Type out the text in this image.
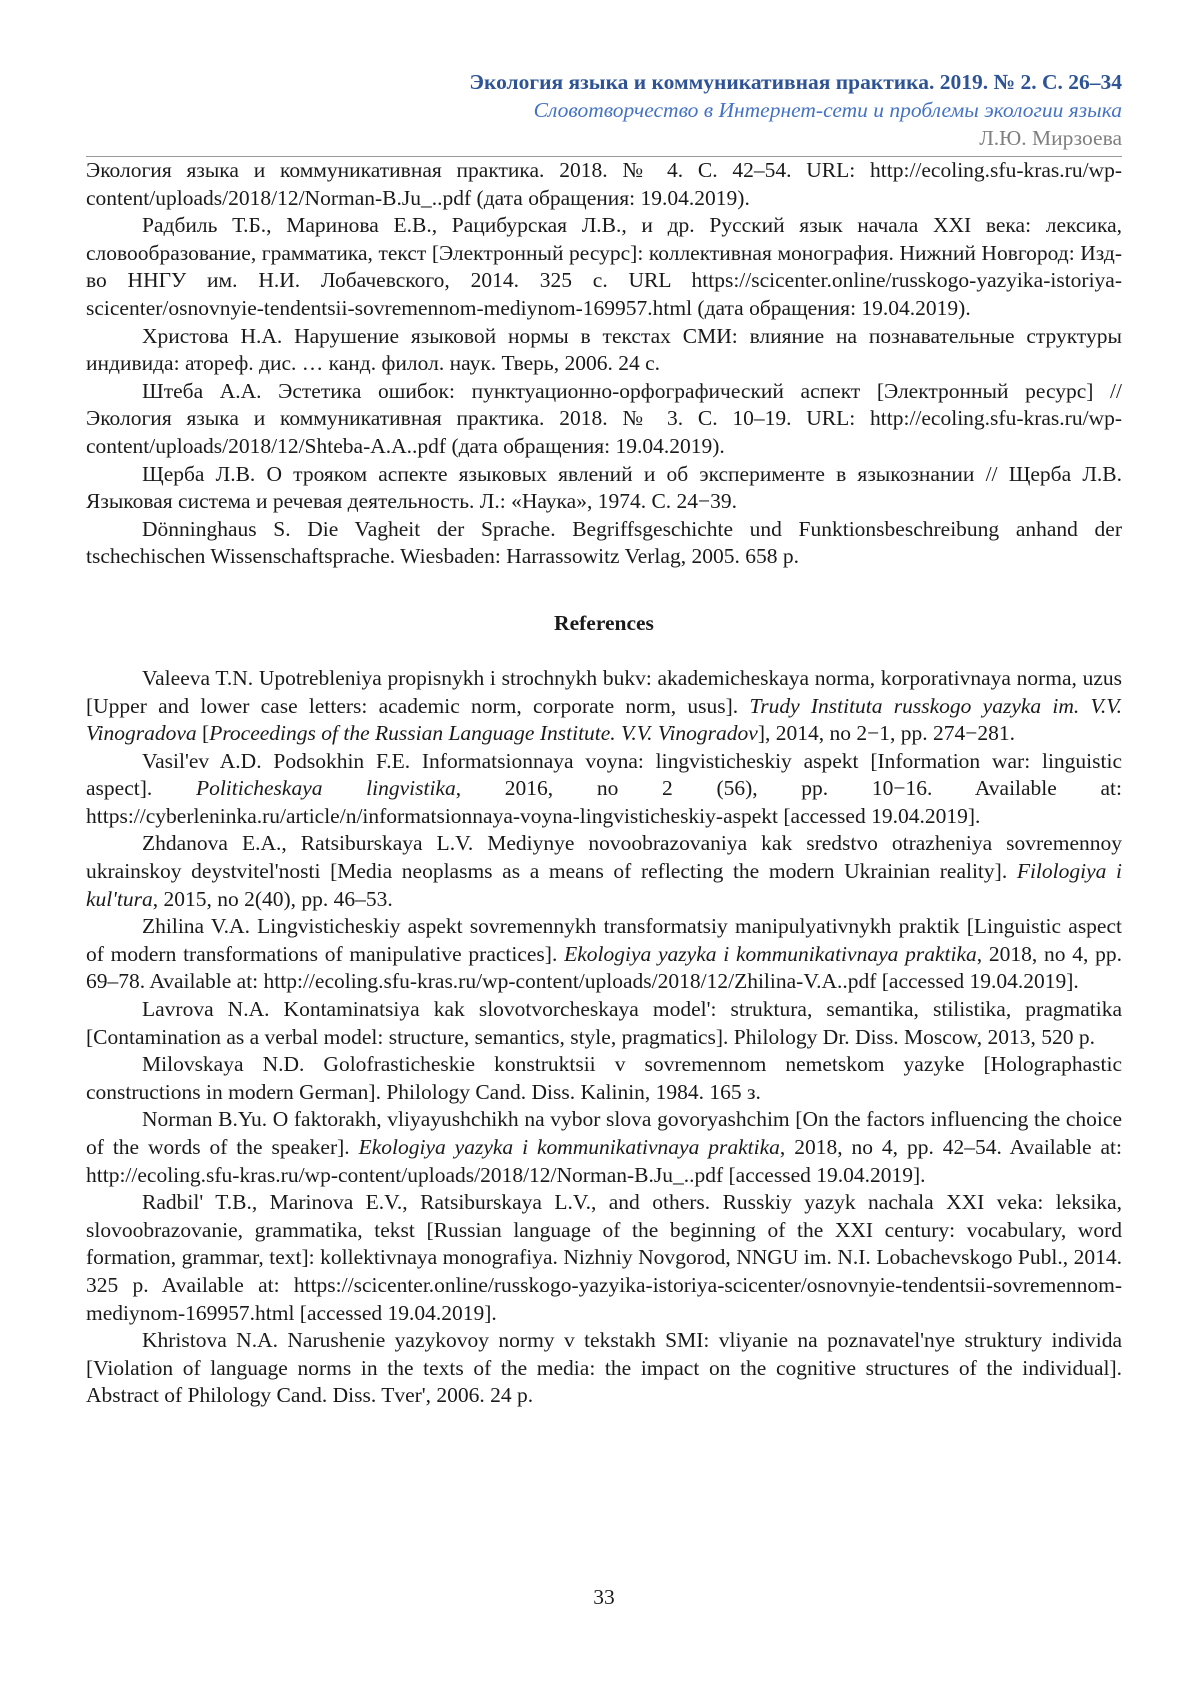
Экология языка и коммуникативная практика. 2019. № 2. С. 26–34
Словотворчество в Интернет-сети и проблемы экологии языка
Л.Ю. Мирзоева

Экология языка и коммуникативная практика. 2018. № 4. С. 42–54. URL: http://ecoling.sfu-kras.ru/wp-content/uploads/2018/12/Norman-B.Ju_..pdf (дата обращения: 19.04.2019).

Радбиль Т.Б., Маринова Е.В., Рацибурская Л.В., и др. Русский язык начала XXI века: лексика, словообразование, грамматика, текст [Электронный ресурс]: коллективная монография. Нижний Новгород: Изд-во ННГУ им. Н.И. Лобачевского, 2014. 325 с. URL https://scicenter.online/russkogo-yazyika-istoriya-scicenter/osnovnyie-tendentsii-sovremennom-mediynom-169957.html (дата обращения: 19.04.2019).

Христова Н.А. Нарушение языковой нормы в текстах СМИ: влияние на познавательные структуры индивида: атореф. дис. … канд. филол. наук. Тверь, 2006. 24 с.

Штеба А.А. Эстетика ошибок: пунктуационно-орфографический аспект [Электронный ресурс] // Экология языка и коммуникативная практика. 2018. № 3. С. 10–19. URL: http://ecoling.sfu-kras.ru/wp-content/uploads/2018/12/Shteba-A.A..pdf (дата обращения: 19.04.2019).

Щерба Л.В. О трояком аспекте языковых явлений и об эксперименте в языкознании // Щерба Л.В. Языковая система и речевая деятельность. Л.: «Наука», 1974. С. 24−39.

Dönninghaus S. Die Vagheit der Sprache. Begriffsgeschichte und Funktionsbeschreibung anhand der tschechischen Wissenschaftsprache. Wiesbaden: Harrassowitz Verlag, 2005. 658 p.

References

Valeeva T.N. Upotrebleniya propisnykh i strochnykh bukv: akademicheskaya norma, korporativnaya norma, uzus [Upper and lower case letters: academic norm, corporate norm, usus]. Trudy Instituta russkogo yazyka im. V.V. Vinogradova [Proceedings of the Russian Language Institute. V.V. Vinogradov], 2014, no 2−1, pp. 274−281.

Vasil'ev A.D. Podsokhin F.E. Informatsionnaya voyna: lingvisticheskiy aspekt [Information war: linguistic aspect]. Politicheskaya lingvistika, 2016, no 2 (56), pp. 10−16. Available at: https://cyberleninka.ru/article/n/informatsionnaya-voyna-lingvisticheskiy-aspekt [accessed 19.04.2019].

Zhdanova E.A., Ratsiburskaya L.V. Mediynye novoobrazovaniya kak sredstvo otrazheniya sovremennoy ukrainskoy deystvitel'nosti [Media neoplasms as a means of reflecting the modern Ukrainian reality]. Filologiya i kul'tura, 2015, no 2(40), pp. 46–53.

Zhilina V.A. Lingvisticheskiy aspekt sovremennykh transformatsiy manipulyativnykh praktik [Linguistic aspect of modern transformations of manipulative practices]. Ekologiya yazyka i kommunikativnaya praktika, 2018, no 4, pp. 69–78. Available at: http://ecoling.sfu-kras.ru/wp-content/uploads/2018/12/Zhilina-V.A..pdf [accessed 19.04.2019].

Lavrova N.A. Kontaminatsiya kak slovotvorcheskaya model': struktura, semantika, stilistika, pragmatika [Contamination as a verbal model: structure, semantics, style, pragmatics]. Philology Dr. Diss. Moscow, 2013, 520 p.

Milovskaya N.D. Golofrasticheskie konstruktsii v sovremennom nemetskom yazyke [Holographastic constructions in modern German]. Philology Cand. Diss. Kalinin, 1984. 165 з.

Norman B.Yu. O faktorakh, vliyayushchikh na vybor slova govoryashchim [On the factors influencing the choice of the words of the speaker]. Ekologiya yazyka i kommunikativnaya praktika, 2018, no 4, pp. 42–54. Available at: http://ecoling.sfu-kras.ru/wp-content/uploads/2018/12/Norman-B.Ju_..pdf [accessed 19.04.2019].

Radbil' T.B., Marinova E.V., Ratsiburskaya L.V., and others. Russkiy yazyk nachala XXI veka: leksika, slovoobrazovanie, grammatika, tekst [Russian language of the beginning of the XXI century: vocabulary, word formation, grammar, text]: kollektivnaya monografiya. Nizhniy Novgorod, NNGU im. N.I. Lobachevskogo Publ., 2014. 325 p. Available at: https://scicenter.online/russkogo-yazyika-istoriya-scicenter/osnovnyie-tendentsii-sovremennom-mediynom-169957.html [accessed 19.04.2019].

Khristova N.A. Narushenie yazykovoy normy v tekstakh SMI: vliyanie na poznavatel'nye struktury individa [Violation of language norms in the texts of the media: the impact on the cognitive structures of the individual]. Abstract of Philology Cand. Diss. Tver', 2006. 24 p.

33
